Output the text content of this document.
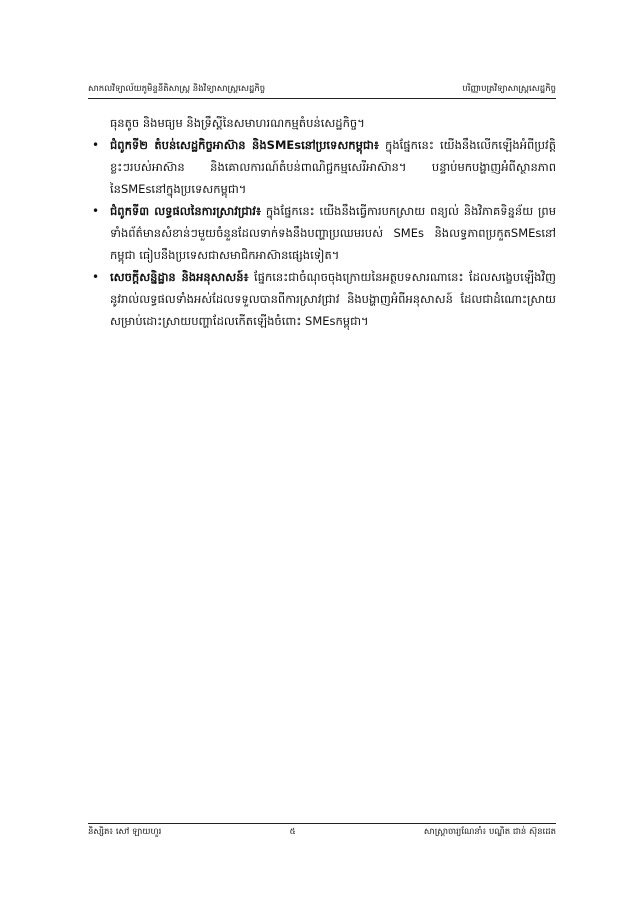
សាកលវិទ្យាល័យភូមិន្ទនីតិសាស្រ្ត និងវិទ្យាសាស្រ្តសេដ្ឋកិច្ច	បរិញ្ញាបត្រវិទ្យាសាស្រ្តសេដ្ឋកិច្ច
ធុនតូច និងមធ្យម និងទ្រឹស្តីនៃសមាហរណកម្មតំបន់សេដ្ឋកិច្ច។
• ជំពូកទី២ តំបន់សេដ្ឋកិច្ចអាស៊ាន និងSMEsនៅប្រទេសកម្ពុជា៖ ក្នុងផ្នែកនេះ យើងនឹងលើកឡើងអំពីប្រវត្តិខ្លះៗរបស់អាស៊ាន និងគោលការណ៍តំបន់ពាណិជ្ជកម្មសេរីអាស៊ាន។ បន្ទាប់មកបង្ហាញអំពីស្ថានភាពនៃSMEsនៅក្នុងប្រទេសកម្ពុជា។
• ជំពូកទី៣ លទ្ធផលនៃការស្រាវជ្រាវ៖ ក្នុងផ្នែកនេះ យើងនឹងធ្វើការបកស្រាយ ពន្យល់ និងវិភាគទិន្នន័យ ព្រមទាំងព័ត៌មានសំខាន់ៗមួយចំនួនដែលទាក់ទងនឹងបញ្ហាប្រឈមរបស់ SMEs និងលទ្ធភាពប្រកួតSMEsនៅកម្ពុជា ធៀបនឹងប្រទេសជាសមាជិកអាស៊ានផ្សេងទៀត។
• សេចក្តីសន្និដ្ឋាន និងអនុសាសន៍៖ ផ្នែកនេះជាចំណុចចុងក្រោយនៃអត្ថបទសារណានេះ ដែលសង្ខេបឡើងវិញនូវរាល់លទ្ធផលទាំងអស់ដែលទទួលបានពីការស្រាវជ្រាវ និងបង្ហាញអំពីអនុសាសន៍ ដែលជាដំណោះស្រាយសម្រាប់ដោះស្រាយបញ្ហាដែលកើតឡើងចំពោះ SMEsកម្ពុជា។
និស្សិត៖ សៅ ឡាយហួរ	៥	សាស្រ្តាចារ្យណែនាំ៖ បណ្ឌិត ជាន់ ស៊ុនដេត
